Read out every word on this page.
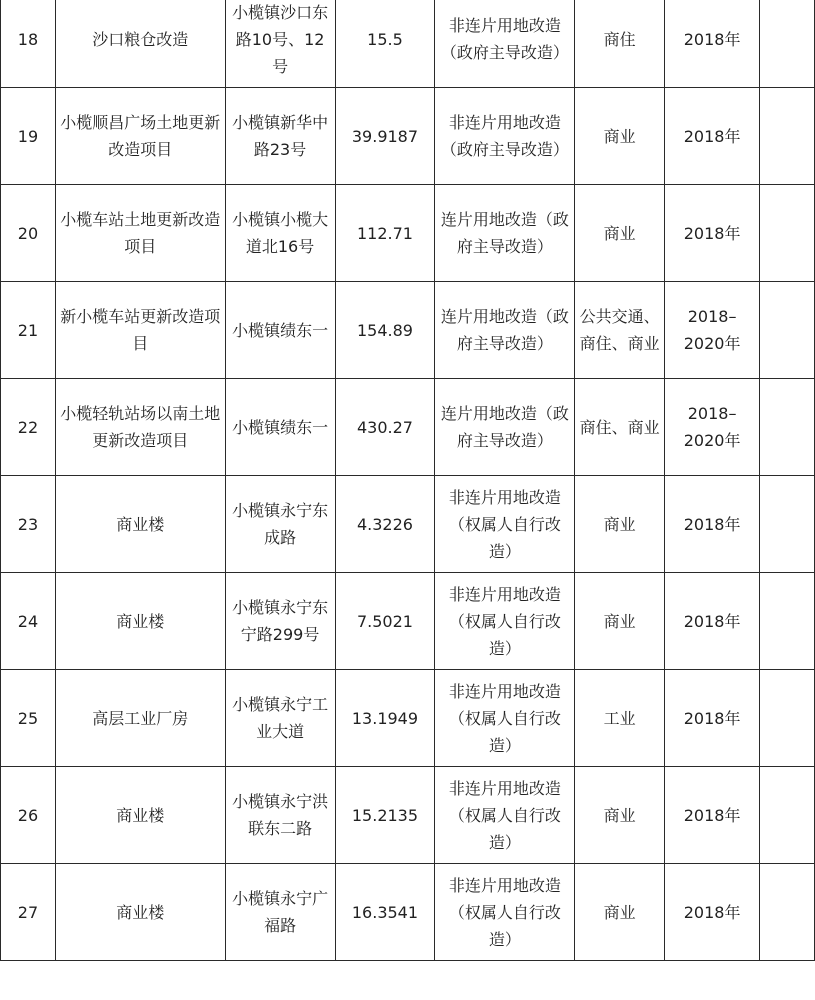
18	沙口粮仓改造	小榄镇沙口东路10号、12号	15.5	非连片用地改造（政府主导改造）	商住	2018年	

19	小榄顺昌广场土地更新改造项目	小榄镇新华中路23号	39.9187	非连片用地改造（政府主导改造）	商业	2018年	

20	小榄车站土地更新改造项目	小榄镇小榄大道北16号	112.71	连片用地改造（政府主导改造）	商业	2018年	

21	新小榄车站更新改造项目	小榄镇绩东一	154.89	连片用地改造（政府主导改造）	公共交通、商住、商业	2018–2020年	

22	小榄轻轨站场以南土地更新改造项目	小榄镇绩东一	430.27	连片用地改造（政府主导改造）	商住、商业	2018–2020年	

23	商业楼	小榄镇永宁东成路	4.3226	非连片用地改造（权属人自行改造）	商业	2018年	

24	商业楼	小榄镇永宁东宁路299号	7.5021	非连片用地改造（权属人自行改造）	商业	2018年	

25	高层工业厂房	小榄镇永宁工业大道	13.1949	非连片用地改造（权属人自行改造）	工业	2018年	

26	商业楼	小榄镇永宁洪联东二路	15.2135	非连片用地改造（权属人自行改造）	商业	2018年	

27	商业楼	小榄镇永宁广福路	16.3541	非连片用地改造（权属人自行改造）	商业	2018年	
